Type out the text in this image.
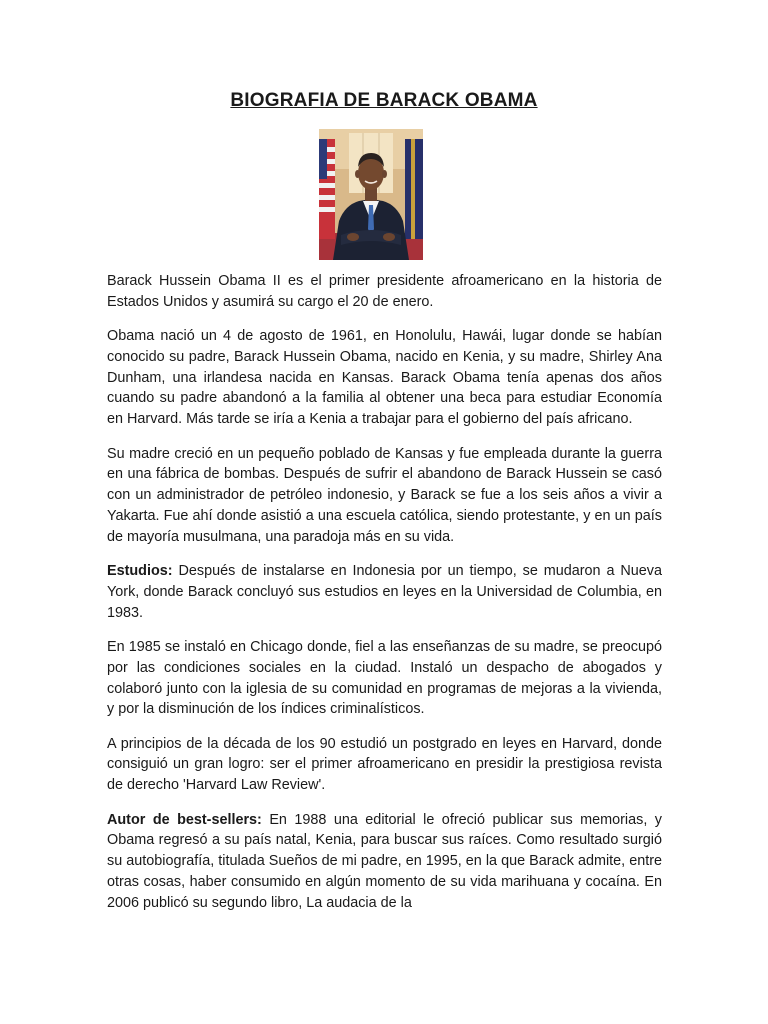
BIOGRAFIA DE BARACK OBAMA

Barack Hussein Obama II es el primer presidente afroamericano en la historia de Estados Unidos y asumirá su cargo el 20 de enero.

Obama nació un 4 de agosto de 1961, en Honolulu, Hawái, lugar donde se habían conocido su padre, Barack Hussein Obama, nacido en Kenia, y su madre, Shirley Ana Dunham, una irlandesa nacida en Kansas. Barack Obama tenía apenas dos años cuando su padre abandonó a la familia al obtener una beca para estudiar Economía en Harvard. Más tarde se iría a Kenia a trabajar para el gobierno del país africano.

Su madre creció en un pequeño poblado de Kansas y fue empleada durante la guerra en una fábrica de bombas. Después de sufrir el abandono de Barack Hussein se casó con un administrador de petróleo indonesio, y Barack se fue a los seis años a vivir a Yakarta. Fue ahí donde asistió a una escuela católica, siendo protestante, y en un país de mayoría musulmana, una paradoja más en su vida.

Estudios: Después de instalarse en Indonesia por un tiempo, se mudaron a Nueva York, donde Barack concluyó sus estudios en leyes en la Universidad de Columbia, en 1983.

En 1985 se instaló en Chicago donde, fiel a las enseñanzas de su madre, se preocupó por las condiciones sociales en la ciudad. Instaló un despacho de abogados y colaboró junto con la iglesia de su comunidad en programas de mejoras a la vivienda, y por la disminución de los índices criminalísticos.

A principios de la década de los 90 estudió un postgrado en leyes en Harvard, donde consiguió un gran logro: ser el primer afroamericano en presidir la prestigiosa revista de derecho 'Harvard Law Review'.

Autor de best-sellers: En 1988 una editorial le ofreció publicar sus memorias, y Obama regresó a su país natal, Kenia, para buscar sus raíces. Como resultado surgió su autobiografía, titulada Sueños de mi padre, en 1995, en la que Barack admite, entre otras cosas, haber consumido en algún momento de su vida marihuana y cocaína. En 2006 publicó su segundo libro, La audacia de la
